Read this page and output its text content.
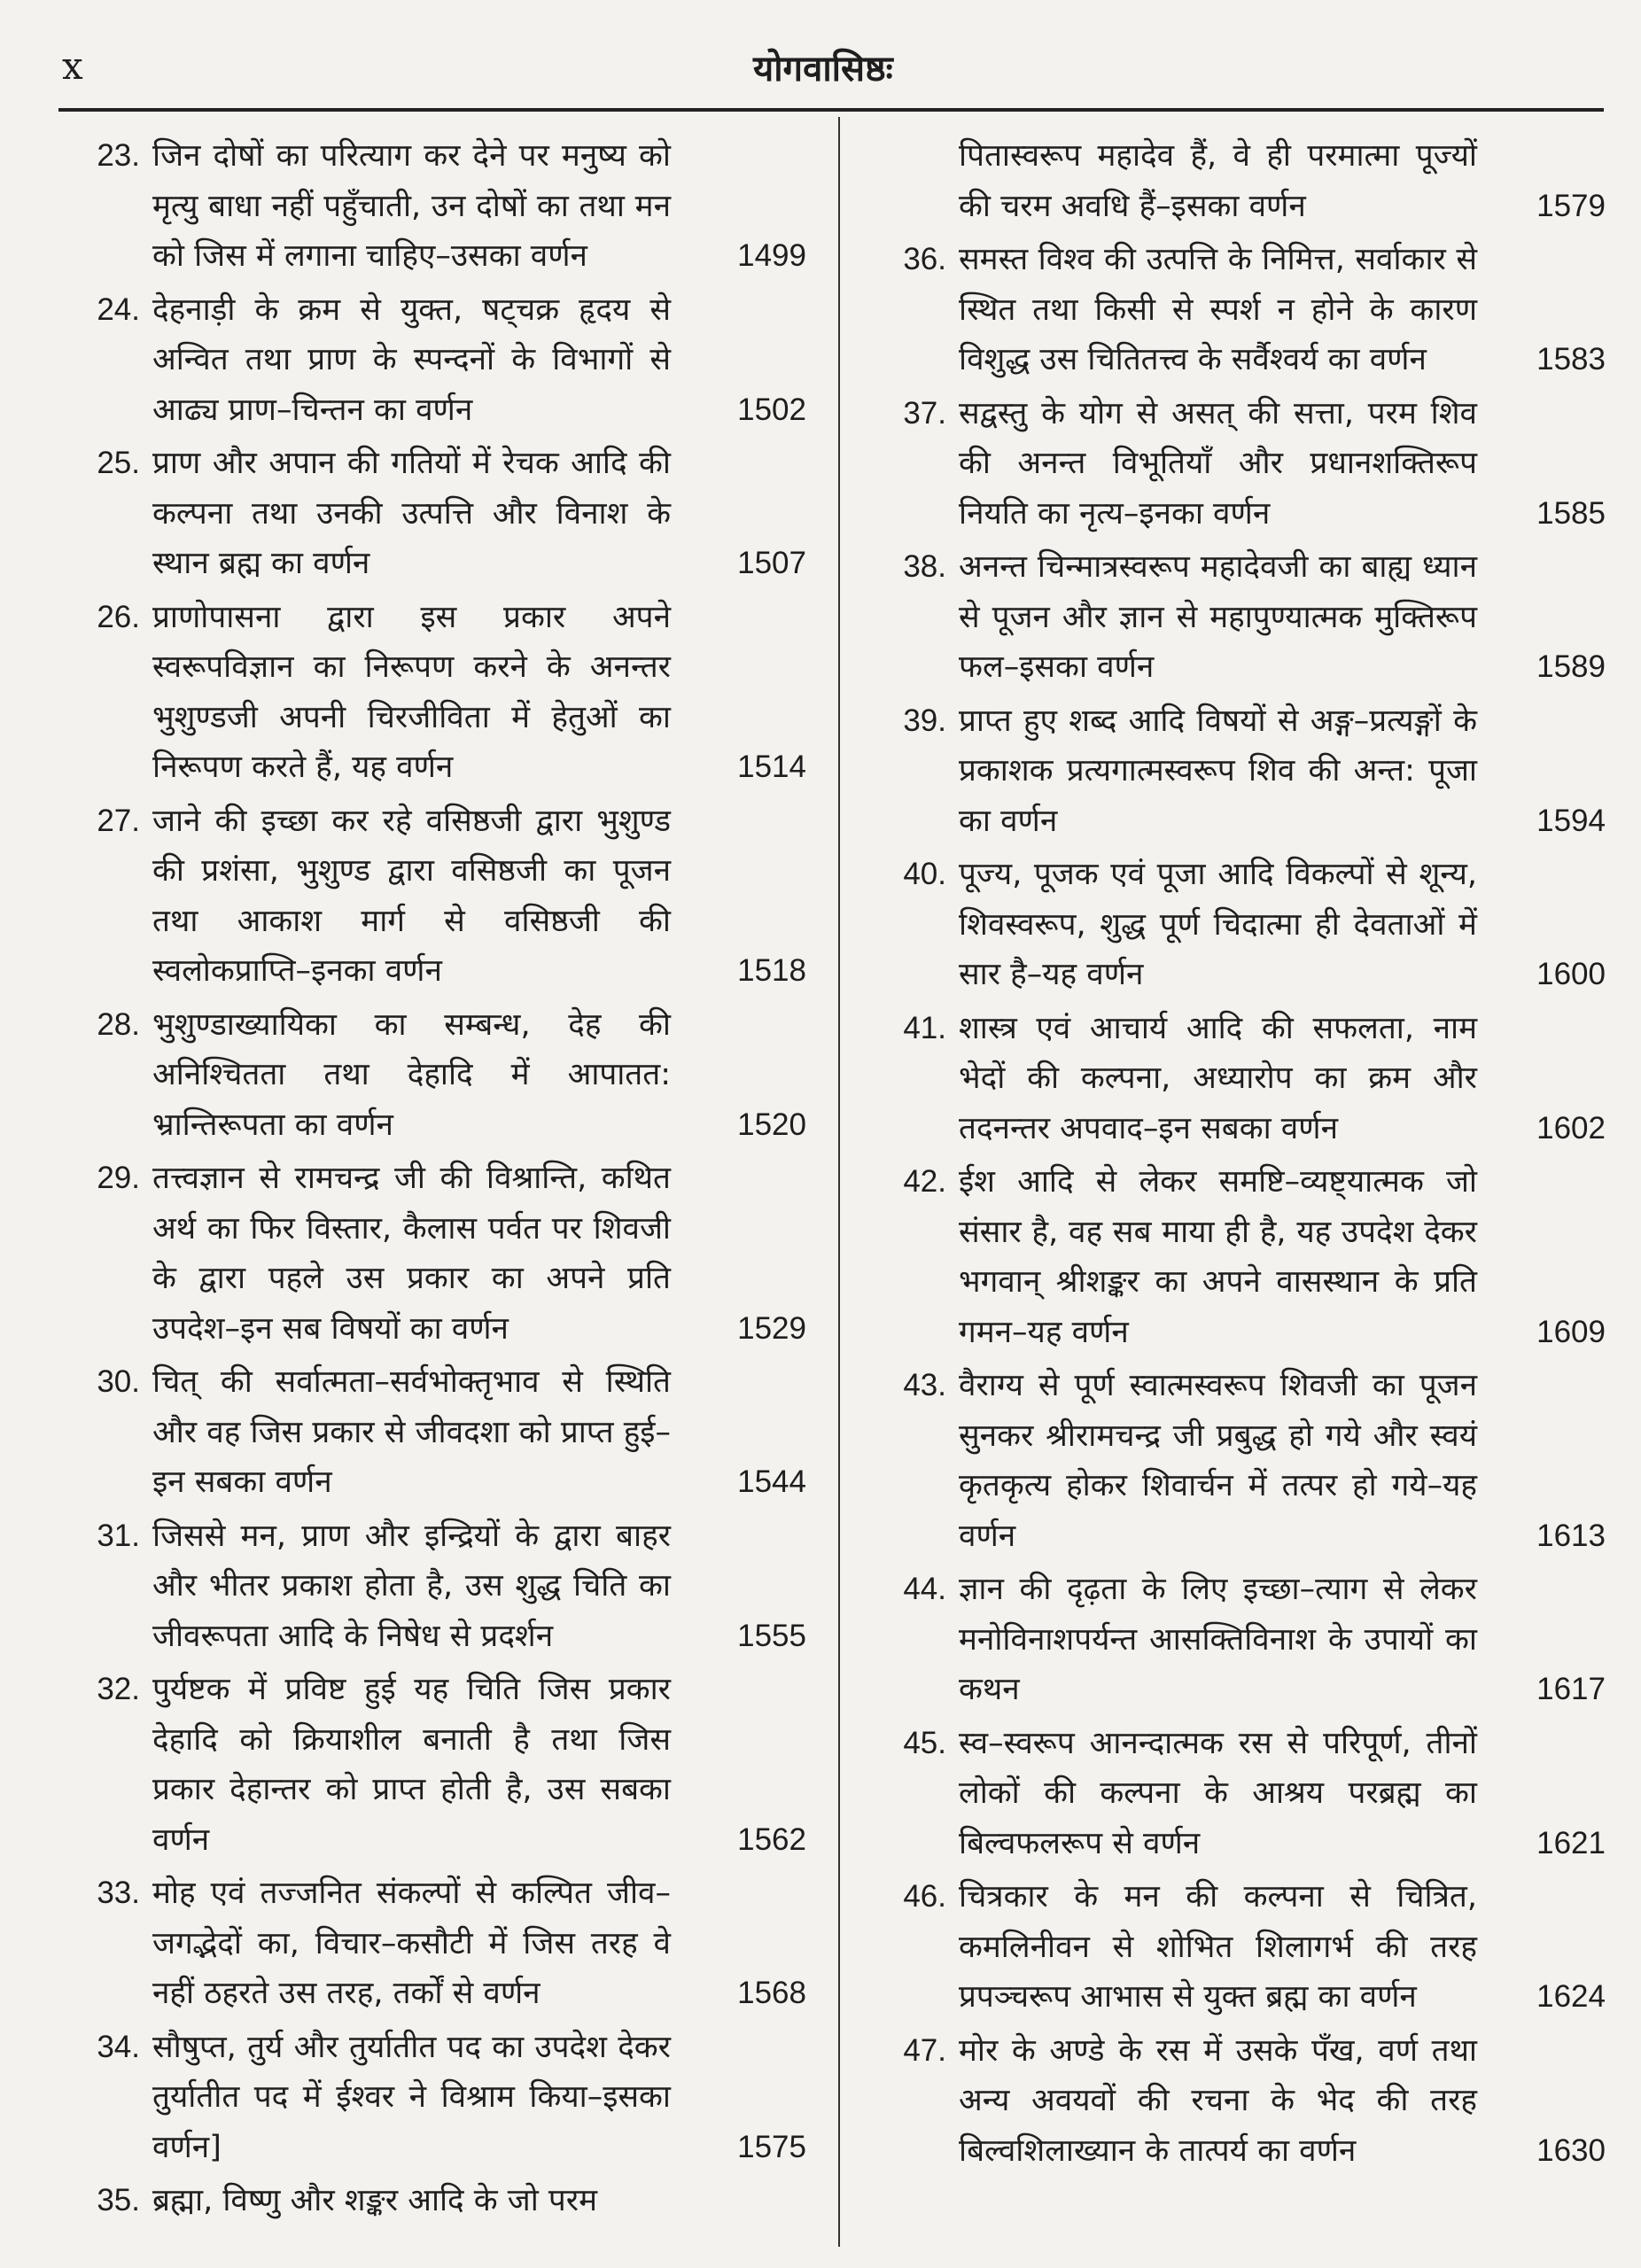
x	योगवासिष्ठः
23. जिन दोषों का परित्याग कर देने पर मनुष्य को मृत्यु बाधा नहीं पहुँचाती, उन दोषों का तथा मन को जिस में लगाना चाहिए–उसका वर्णन	1499
24. देहनाड़ी के क्रम से युक्त, षट्चक्र हृदय से अन्वित तथा प्राण के स्पन्दनों के विभागों से आढ्य प्राण–चिन्तन का वर्णन	1502
25. प्राण और अपान की गतियों में रेचक आदि की कल्पना तथा उनकी उत्पत्ति और विनाश के स्थान ब्रह्म का वर्णन	1507
26. प्राणोपासना द्वारा इस प्रकार अपने स्वरूपविज्ञान का निरूपण करने के अनन्तर भुशुण्डजी अपनी चिरजीविता में हेतुओं का निरूपण करते हैं, यह वर्णन	1514
27. जाने की इच्छा कर रहे वसिष्ठजी द्वारा भुशुण्ड की प्रशंसा, भुशुण्ड द्वारा वसिष्ठजी का पूजन तथा आकाश मार्ग से वसिष्ठजी की स्वलोकप्राप्ति–इनका वर्णन	1518
28. भुशुण्डाख्यायिका का सम्बन्ध, देह की अनिश्चितता तथा देहादि में आपातत: भ्रान्तिरूपता का वर्णन	1520
29. तत्त्वज्ञान से रामचन्द्र जी की विश्रान्ति, कथित अर्थ का फिर विस्तार, कैलास पर्वत पर शिवजी के द्वारा पहले उस प्रकार का अपने प्रति उपदेश–इन सब विषयों का वर्णन	1529
30. चित् की सर्वात्मता–सर्वभोक्तृभाव से स्थिति और वह जिस प्रकार से जीवदशा को प्राप्त हुई–इन सबका वर्णन	1544
31. जिससे मन, प्राण और इन्द्रियों के द्वारा बाहर और भीतर प्रकाश होता है, उस शुद्ध चिति का जीवरूपता आदि के निषेध से प्रदर्शन	1555
32. पुर्यष्टक में प्रविष्ट हुई यह चिति जिस प्रकार देहादि को क्रियाशील बनाती है तथा जिस प्रकार देहान्तर को प्राप्त होती है, उस सबका वर्णन	1562
33. मोह एवं तज्जनित संकल्पों से कल्पित जीव–जगद्भेदों का, विचार–कसौटी में जिस तरह वे नहीं ठहरते उस तरह, तर्कों से वर्णन	1568
34. सौषुप्त, तुर्य और तुर्यातीत पद का उपदेश देकर तुर्यातीत पद में ईश्वर ने विश्राम किया–इसका वर्णन]	1575
35. ब्रह्मा, विष्णु और शङ्कर आदि के जो परम
पितास्वरूप महादेव हैं, वे ही परमात्मा पूज्यों की चरम अवधि हैं–इसका वर्णन	1579
36. समस्त विश्व की उत्पत्ति के निमित्त, सर्वाकार से स्थित तथा किसी से स्पर्श न होने के कारण विशुद्ध उस चितितत्त्व के सर्वैश्वर्य का वर्णन	1583
37. सद्वस्तु के योग से असत् की सत्ता, परम शिव की अनन्त विभूतियाँ और प्रधानशक्तिरूप नियति का नृत्य–इनका वर्णन	1585
38. अनन्त चिन्मात्रस्वरूप महादेवजी का बाह्य ध्यान से पूजन और ज्ञान से महापुण्यात्मक मुक्तिरूप फल–इसका वर्णन	1589
39. प्राप्त हुए शब्द आदि विषयों से अङ्ग–प्रत्यङ्गों के प्रकाशक प्रत्यगात्मस्वरूप शिव की अन्त: पूजा का वर्णन	1594
40. पूज्य, पूजक एवं पूजा आदि विकल्पों से शून्य, शिवस्वरूप, शुद्ध पूर्ण चिदात्मा ही देवताओं में सार है–यह वर्णन	1600
41. शास्त्र एवं आचार्य आदि की सफलता, नाम भेदों की कल्पना, अध्यारोप का क्रम और तदनन्तर अपवाद–इन सबका वर्णन	1602
42. ईश आदि से लेकर समष्टि–व्यष्ट्यात्मक जो संसार है, वह सब माया ही है, यह उपदेश देकर भगवान् श्रीशङ्कर का अपने वासस्थान के प्रति गमन–यह वर्णन	1609
43. वैराग्य से पूर्ण स्वात्मस्वरूप शिवजी का पूजन सुनकर श्रीरामचन्द्र जी प्रबुद्ध हो गये और स्वयं कृतकृत्य होकर शिवार्चन में तत्पर हो गये–यह वर्णन	1613
44. ज्ञान की दृढ़ता के लिए इच्छा–त्याग से लेकर मनोविनाशपर्यन्त आसक्तिविनाश के उपायों का कथन	1617
45. स्व–स्वरूप आनन्दात्मक रस से परिपूर्ण, तीनों लोकों की कल्पना के आश्रय परब्रह्म का बिल्वफलरूप से वर्णन	1621
46. चित्रकार के मन की कल्पना से चित्रित, कमलिनीवन से शोभित शिलागर्भ की तरह प्रपञ्चरूप आभास से युक्त ब्रह्म का वर्णन	1624
47. मोर के अण्डे के रस में उसके पँख, वर्ण तथा अन्य अवयवों की रचना के भेद की तरह बिल्वशिलाख्यान के तात्पर्य का वर्णन	1630
